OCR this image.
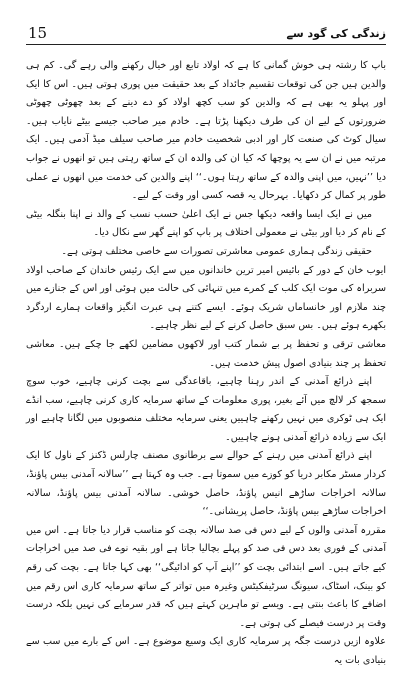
15	زندگی کی گود سے

باپ کا رشتہ ہی خوش گمانی کا ہے کہ اولاد تابع اور خیال رکھنے والی رہے گی۔ کم ہی والدین ہیں جن کی توقعات تقسیم جائداد کے بعد حقیقت میں پوری ہوتی ہیں۔ اس کا ایک اور پہلو یہ بھی ہے کہ والدین کو سب کچھ اولاد کو دے دینے کے بعد چھوٹی چھوٹی ضرورتوں کے لیے ان کی طرف دیکھنا پڑتا ہے۔ خادم میر صاحب جیسے بیٹے نایاب ہیں۔ سیال کوٹ کی صنعت کار اور ادبی شخصیت خادم میر صاحب سیلف میڈ آدمی ہیں۔ ایک مرتبہ میں نے ان سے یہ پوچھا کہ کیا ان کی والدہ ان کے ساتھ رہتی ہیں تو انھوں نے جواب دیا ’’نہیں، میں اپنی والدہ کے ساتھ رہتا ہوں۔‘‘ اپنے والدین کی خدمت میں انھوں نے عملی طور پر کمال کر دکھایا۔ بہرحال یہ قصہ کسی اور وقت کے لیے۔

میں نے ایک ایسا واقعہ دیکھا جس نے ایک اعلیٰ حسب نسب کے والد نے اپنا بنگلہ بیٹی کے نام کر دیا اور بیٹی نے معمولی اختلاف پر باپ کو اپنے گھر سے نکال دیا۔

حقیقی زندگی ہماری عمومی معاشرتی تصورات سے خاصی مختلف ہوتی ہے۔

ایوب خان کے دور کے بائیس امیر ترین خاندانوں میں سے ایک رئیس خاندان کے صاحب اولاد سربراہ کی موت ایک کلب کے کمرے میں تنہائی کی حالت میں ہوئی اور اس کے جنازے میں چند ملازم اور خانساماں شریک ہوئے۔ ایسے کتنے ہی عبرت انگیز واقعات ہمارے اردگرد بکھرے ہوئے ہیں۔ بس سبق حاصل کرنے کے لیے نظر چاہیے۔

معاشی ترقی و تحفظ پر بے شمار کتب اور لاکھوں مضامین لکھے جا چکے ہیں۔ معاشی تحفظ پر چند بنیادی اصول پیش خدمت ہیں۔

اپنے ذرائع آمدنی کے اندر رہنا چاہیے، باقاعدگی سے بچت کرنی چاہیے، خوب سوچ سمجھ کر لالچ میں آئے بغیر، پوری معلومات کے ساتھ سرمایہ کاری کرنی چاہیے، سب انڈے ایک ہی ٹوکری میں نہیں رکھنے چاہییں یعنی سرمایہ مختلف منصوبوں میں لگانا چاہیے اور ایک سے زیادہ ذرائع آمدنی ہونے چاہییں۔

اپنے ذرائع آمدنی میں رہنے کے حوالے سے برطانوی مصنف چارلس ڈکنز کے ناول کا ایک کردار مسٹر مکابر دریا کو کوزے میں سموتا ہے۔ جب وہ کہتا ہے ’’سالانہ آمدنی بیس پاؤنڈ، سالانہ اخراجات ساڑھے انیس پاؤنڈ، حاصل خوشی۔ سالانہ آمدنی بیس پاؤنڈ، سالانہ اخراجات ساڑھے بیس پاؤنڈ، حاصل پریشانی۔‘‘

مقررہ آمدنی والوں کے لیے دس فی صد سالانہ بچت کو مناسب قرار دیا جاتا ہے۔ اس میں آمدنی کے فوری بعد دس فی صد کو پہلے بچالیا جاتا ہے اور بقیہ نوے فی صد میں اخراجات کیے جاتے ہیں۔ اسے ابتدائی بچت کو ’’اپنے آپ کو ادائیگی‘‘ بھی کہا جاتا ہے۔ بچت کی رقم کو بینک، اسٹاک، سیونگ سرٹیفکیٹس وغیرہ میں تواتر کے ساتھ سرمایہ کاری اس رقم میں اضافے کا باعث بنتی ہے۔ ویسے تو ماہرین کہتے ہیں کہ قدر سرمایے کی نہیں بلکہ درست وقت پر درست فیصلے کی ہوتی ہے۔

علاوہ ازیں درست جگہ پر سرمایہ کاری ایک وسیع موضوع ہے۔ اس کے بارے میں سب سے بنیادی بات یہ
